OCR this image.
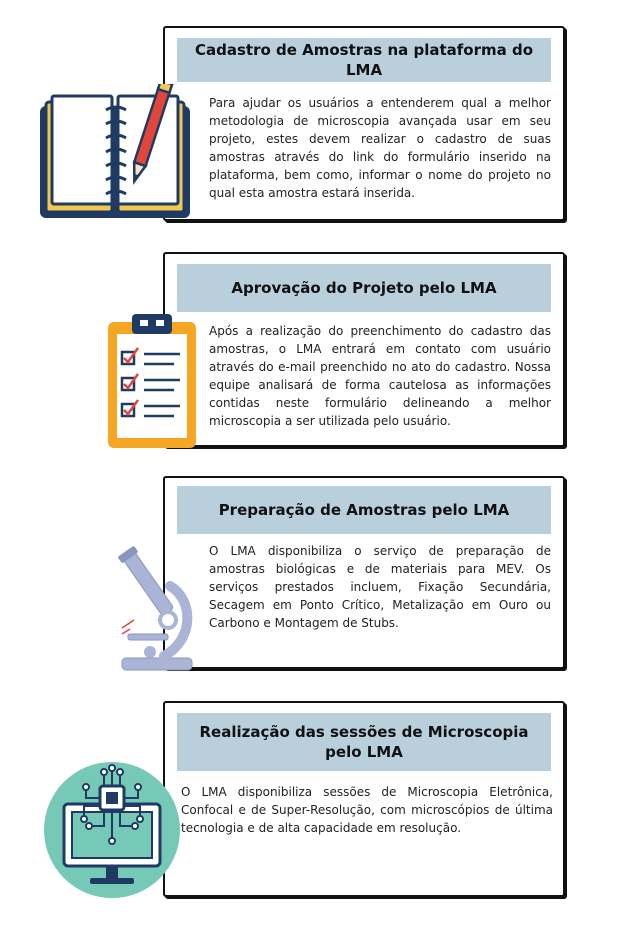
Cadastro de Amostras na plataforma do LMA
Para ajudar os usuários a entenderem qual a melhor metodologia de microscopia avançada usar em seu projeto, estes devem realizar o cadastro de suas amostras através do link do formulário inserido na plataforma, bem como, informar o nome do projeto no qual esta amostra estará inserida.
Aprovação do Projeto pelo LMA
Após a realização do preenchimento do cadastro das amostras, o LMA entrará em contato com usuário através do e-mail preenchido no ato do cadastro. Nossa equipe analisará de forma cautelosa as informações contidas neste formulário delineando a melhor microscopia a ser utilizada pelo usuário.
Preparação de Amostras pelo LMA
O LMA disponibiliza o serviço de preparação de amostras biológicas e de materiais para MEV. Os serviços prestados incluem, Fixação Secundária, Secagem em Ponto Crítico, Metalização em Ouro ou Carbono e Montagem de Stubs.
Realização das sessões de Microscopia pelo LMA
O LMA disponibiliza sessões de Microscopia Eletrônica, Confocal e de Super-Resolução, com microscópios de última tecnologia e de alta capacidade em resolução.
